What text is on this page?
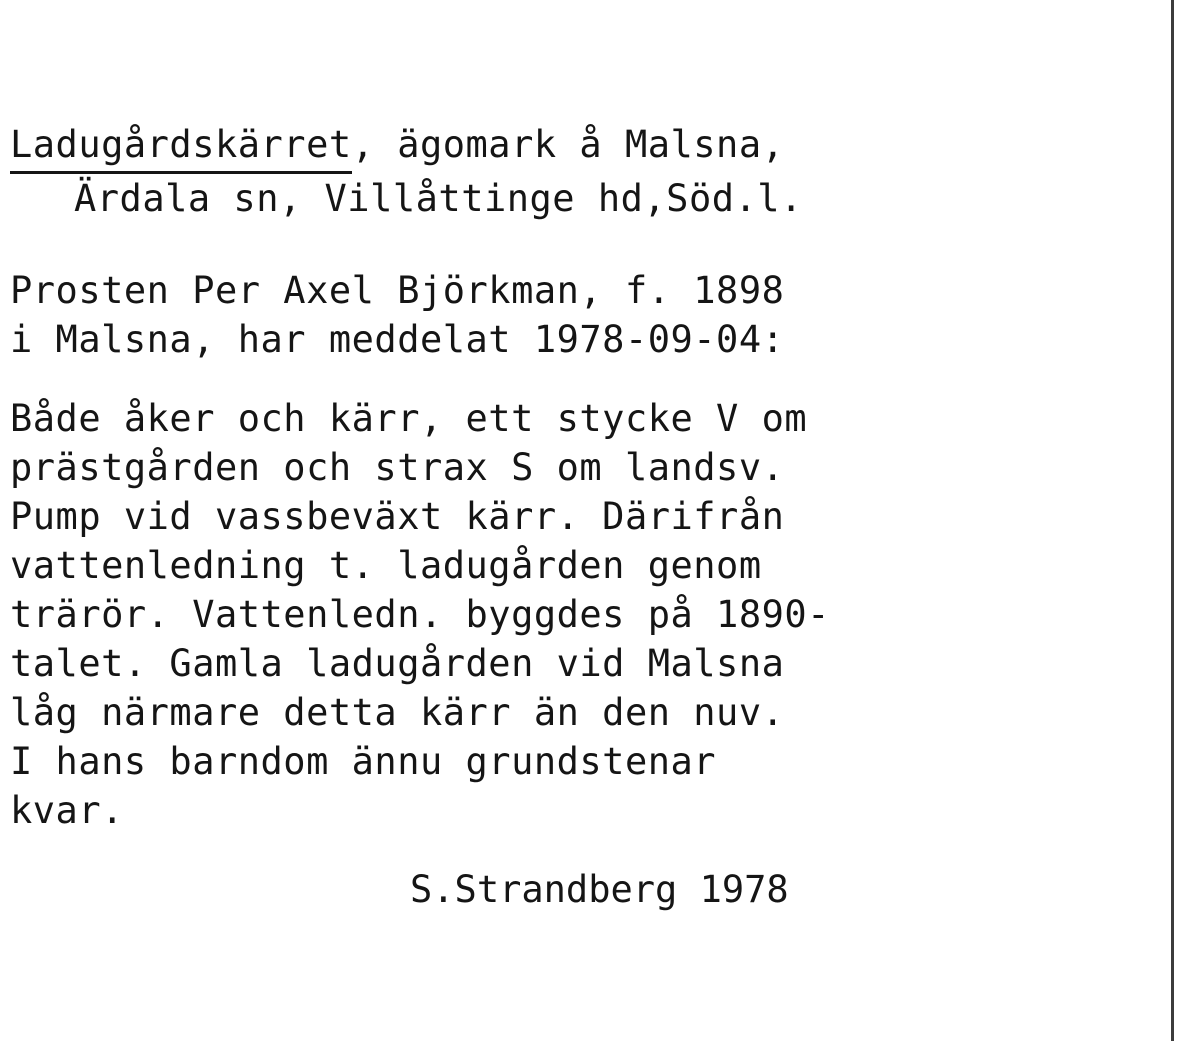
Ladugårdskärret, ägomark å Malsna,
Ärdala sn, Villåttinge hd,Söd.l.
Prosten Per Axel Björkman, f. 1898
i Malsna, har meddelat 1978-09-04:
Både åker och kärr, ett stycke V om
prästgården och strax S om landsv.
Pump vid vassbeväxt kärr. Därifrån
vattenledning t. ladugården genom
trärör. Vattenledn. byggdes på 1890-
talet. Gamla ladugården vid Malsna
låg närmare detta kärr än den nuv.
I hans barndom ännu grundstenar
kvar.
S.Strandberg 1978
